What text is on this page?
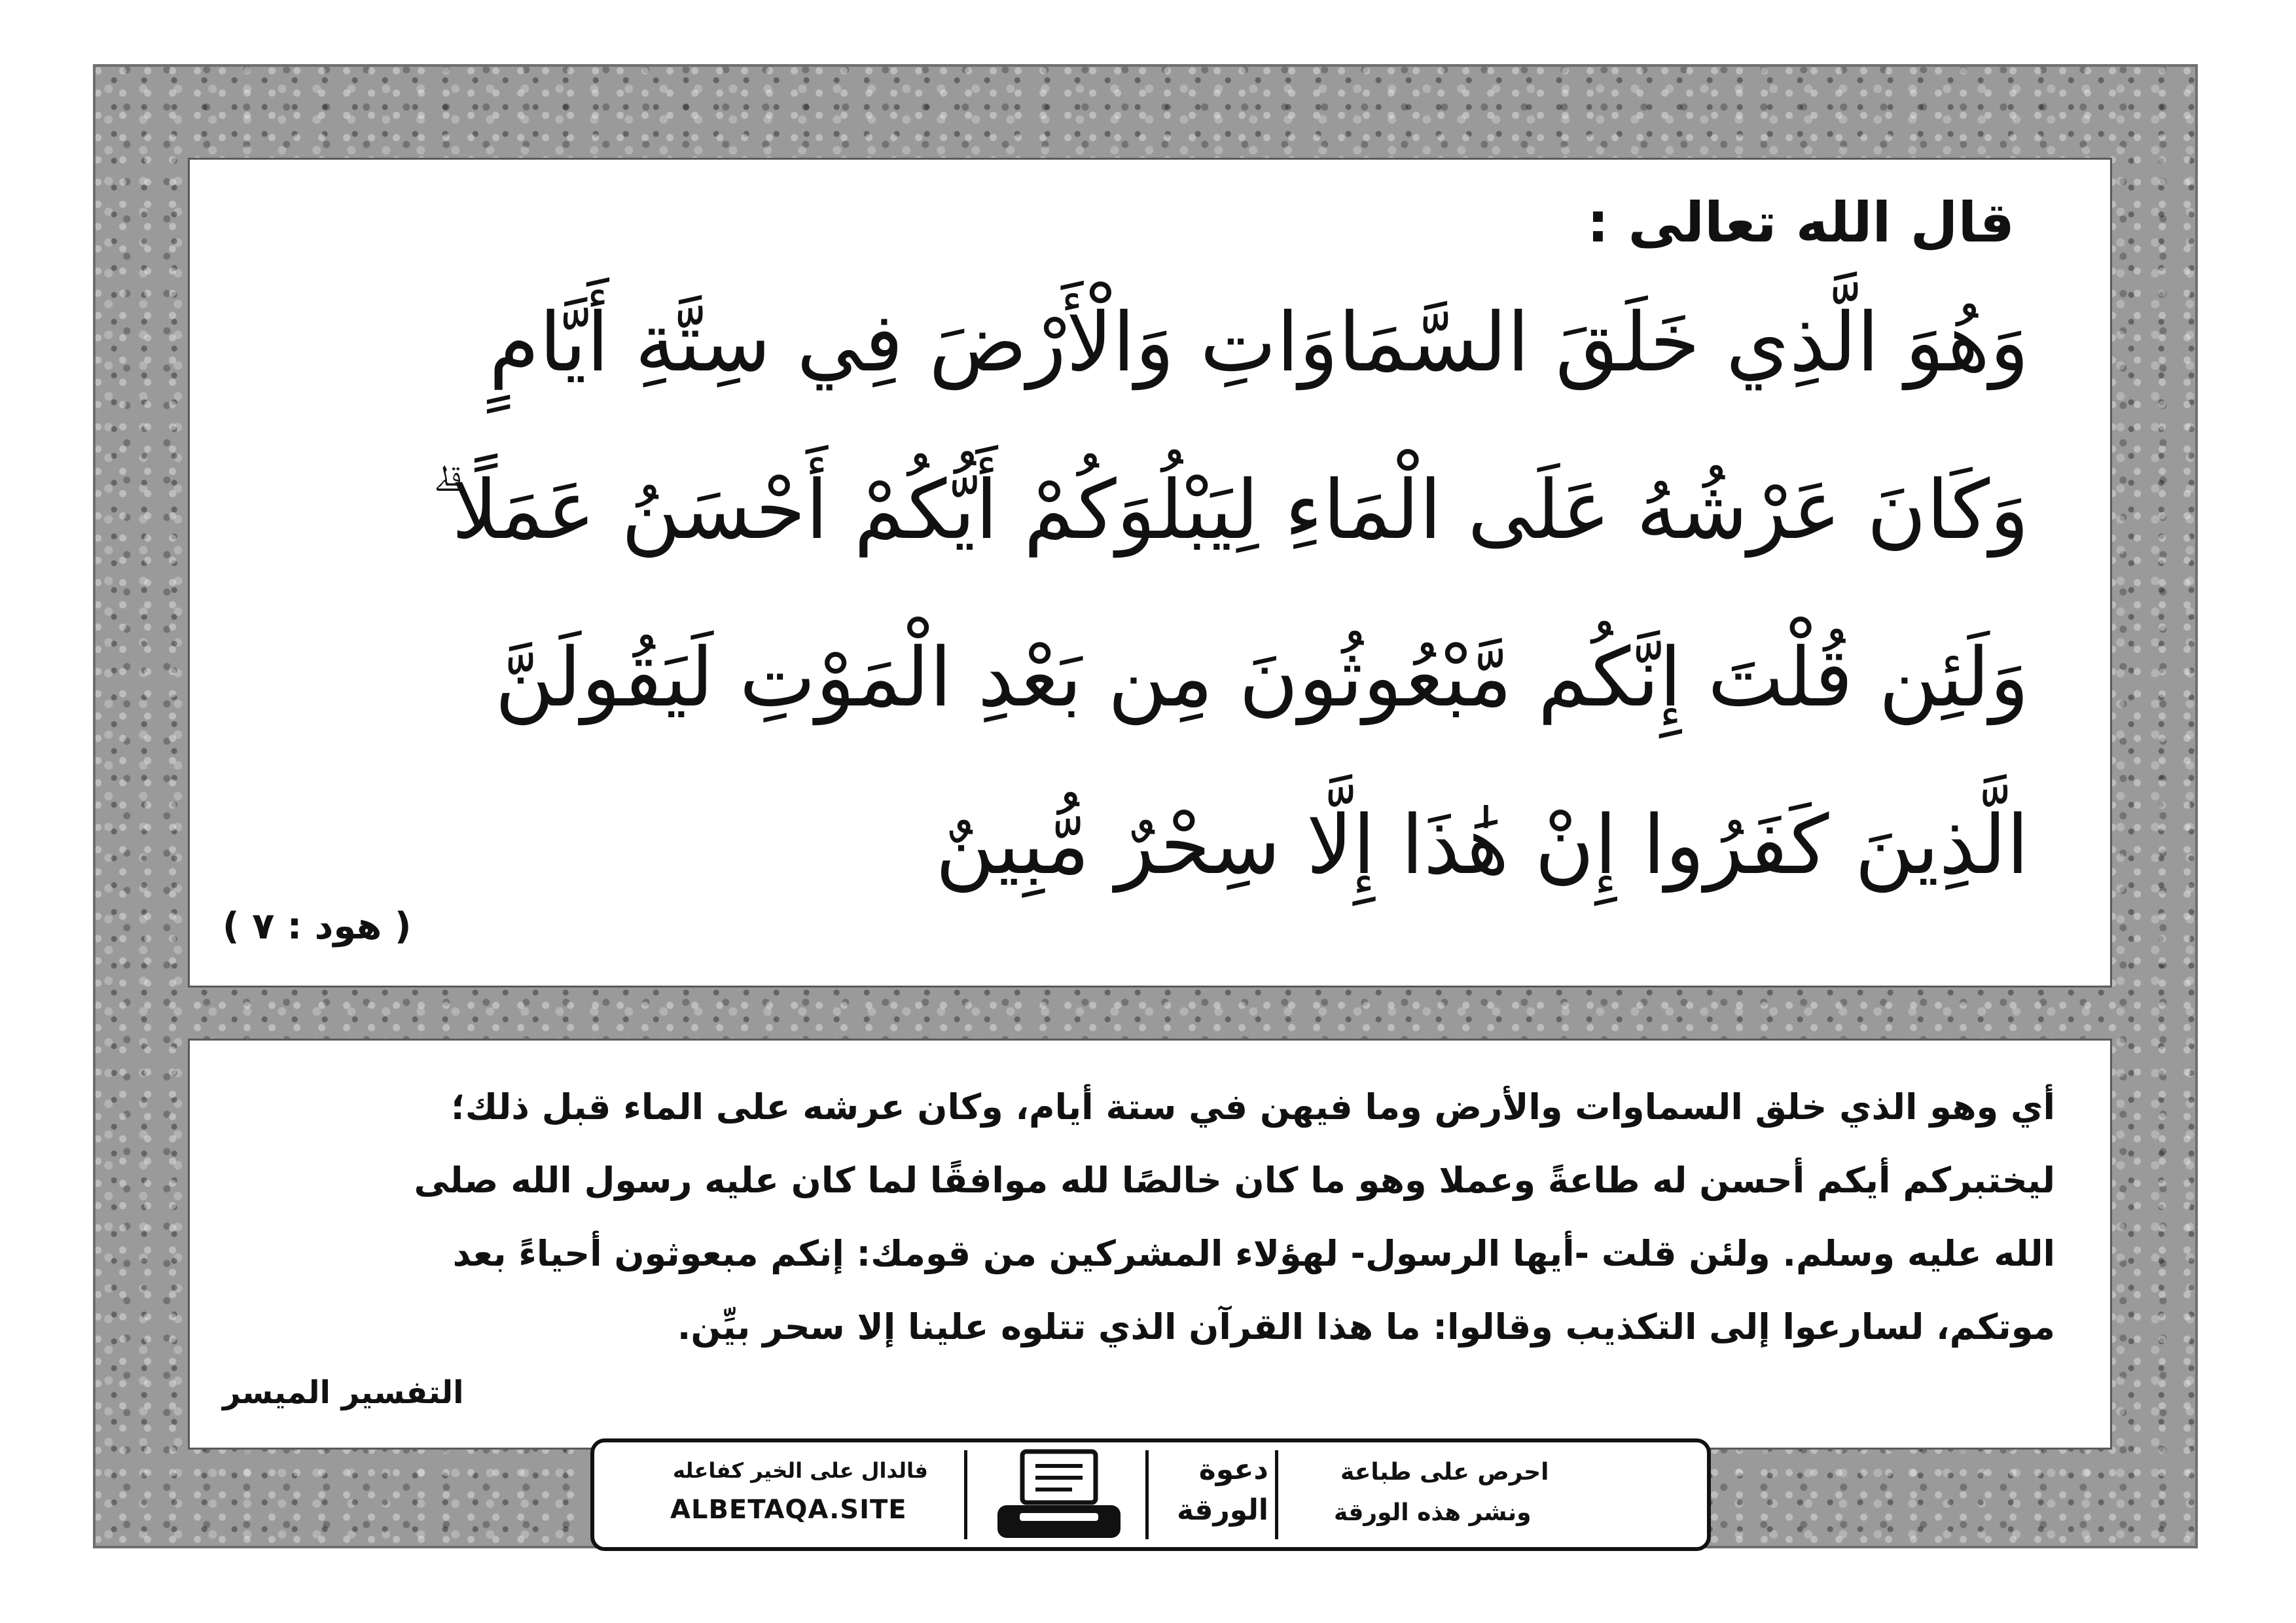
قال الله تعالى :

وَهُوَ الَّذِي خَلَقَ السَّمَاوَاتِ وَالْأَرْضَ فِي سِتَّةِ أَيَّامٍ

وَكَانَ عَرْشُهُ عَلَى الْمَاءِ لِيَبْلُوَكُمْ أَيُّكُمْ أَحْسَنُ عَمَلًا ۗ

وَلَئِن قُلْتَ إِنَّكُم مَّبْعُوثُونَ مِن بَعْدِ الْمَوْتِ لَيَقُولَنَّ

الَّذِينَ كَفَرُوا إِنْ هَٰذَا إِلَّا سِحْرٌ مُّبِينٌ

( هود : ٧ )

أي وهو الذي خلق السماوات والأرض وما فيهن في ستة أيام، وكان عرشه على الماء قبل ذلك؛

ليختبركم أيكم أحسن له طاعةً وعملا وهو ما كان خالصًا لله موافقًا لما كان عليه رسول الله صلى

الله عليه وسلم. ولئن قلت -أيها الرسول- لهؤلاء المشركين من قومك: إنكم مبعوثون أحياءً بعد

موتكم، لسارعوا إلى التكذيب وقالوا: ما هذا القرآن الذي تتلوه علينا إلا سحر بيِّن.

التفسير الميسر

فالدال على الخير كفاعله

ALBETAQA.SITE

دعوة

الورقة

احرص على طباعة

ونشر هذه الورقة
